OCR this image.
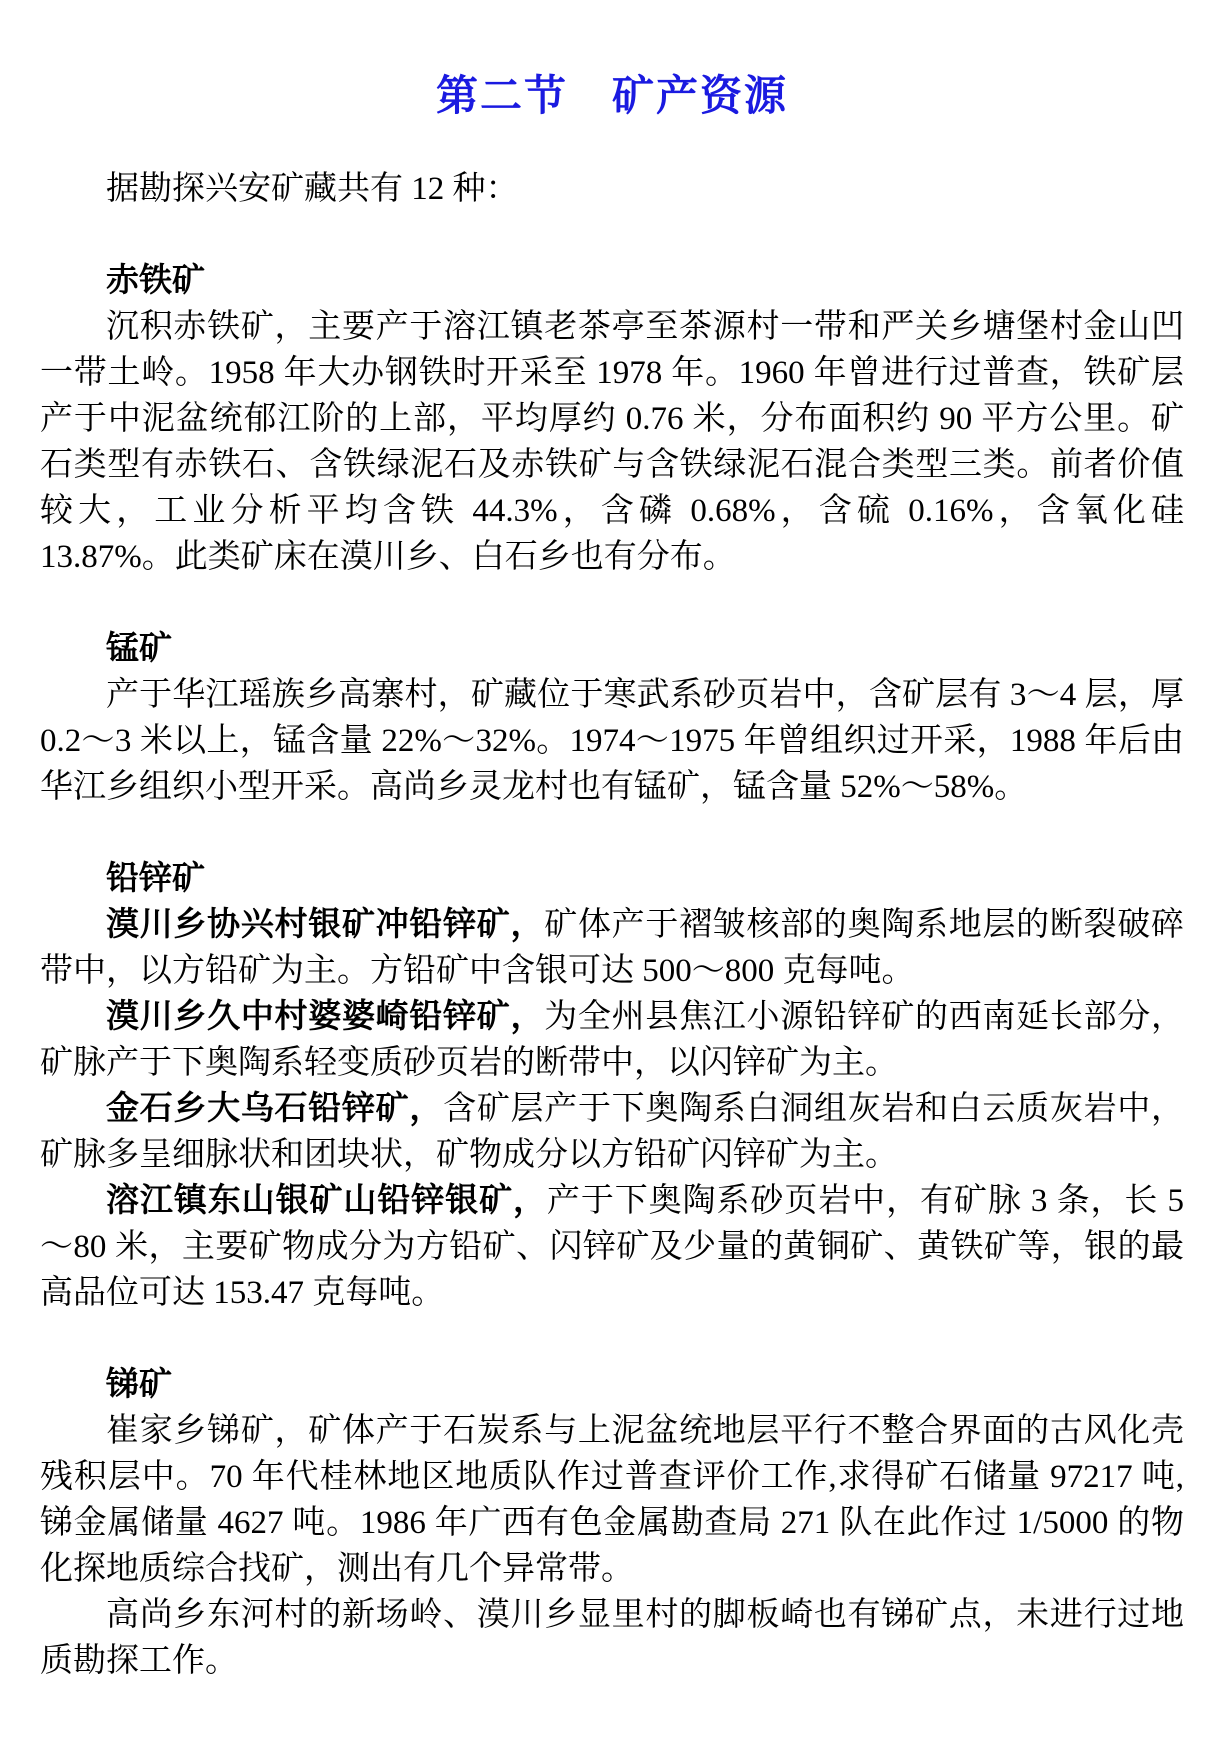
第二节　矿产资源

据勘探兴安矿藏共有 12 种：

赤铁矿

沉积赤铁矿，主要产于溶江镇老茶亭至茶源村一带和严关乡塘堡村金山凹一带土岭。1958 年大办钢铁时开采至 1978 年。1960 年曾进行过普查，铁矿层产于中泥盆统郁江阶的上部，平均厚约 0.76 米，分布面积约 90 平方公里。矿石类型有赤铁石、含铁绿泥石及赤铁矿与含铁绿泥石混合类型三类。前者价值较大，工业分析平均含铁 44.3%，含磷 0.68%，含硫 0.16%，含氧化硅 13.87%。此类矿床在漠川乡、白石乡也有分布。

锰矿

产于华江瑶族乡高寨村，矿藏位于寒武系砂页岩中，含矿层有 3～4 层，厚 0.2～3 米以上，锰含量 22%～32%。1974～1975 年曾组织过开采，1988 年后由华江乡组织小型开采。高尚乡灵龙村也有锰矿，锰含量 52%～58%。

铅锌矿

漠川乡协兴村银矿冲铅锌矿，矿体产于褶皱核部的奥陶系地层的断裂破碎带中，以方铅矿为主。方铅矿中含银可达 500～800 克每吨。

漠川乡久中村婆婆崎铅锌矿，为全州县焦江小源铅锌矿的西南延长部分，矿脉产于下奥陶系轻变质砂页岩的断带中，以闪锌矿为主。

金石乡大乌石铅锌矿，含矿层产于下奥陶系白洞组灰岩和白云质灰岩中，矿脉多呈细脉状和团块状，矿物成分以方铅矿闪锌矿为主。

溶江镇东山银矿山铅锌银矿，产于下奥陶系砂页岩中，有矿脉 3 条，长 5～80 米，主要矿物成分为方铅矿、闪锌矿及少量的黄铜矿、黄铁矿等，银的最高品位可达 153.47 克每吨。

锑矿

崔家乡锑矿，矿体产于石炭系与上泥盆统地层平行不整合界面的古风化壳残积层中。70 年代桂林地区地质队作过普查评价工作,求得矿石储量 97217 吨,锑金属储量 4627 吨。1986 年广西有色金属勘查局 271 队在此作过 1/5000 的物化探地质综合找矿，测出有几个异常带。

高尚乡东河村的新场岭、漠川乡显里村的脚板崎也有锑矿点，未进行过地质勘探工作。
